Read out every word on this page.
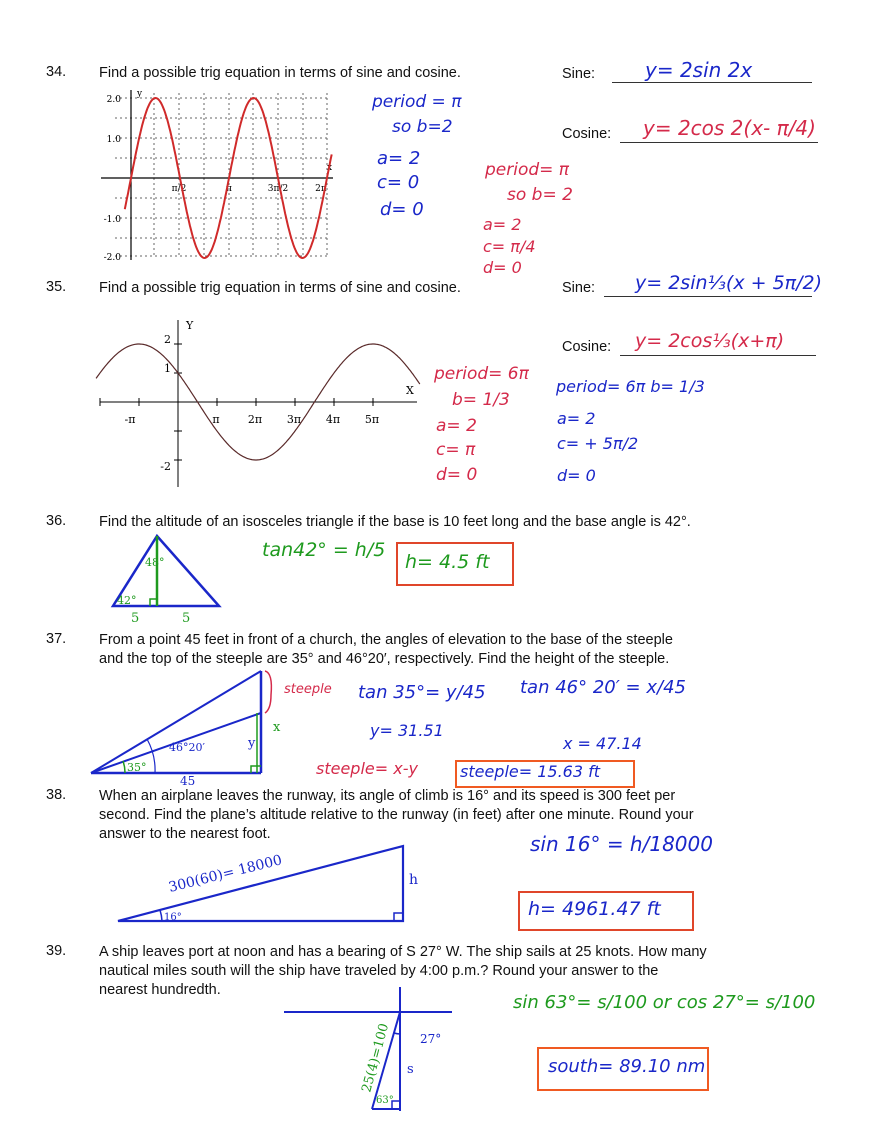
34. Find a possible trig equation in terms of sine and cosine.	Sine: y= 2sin 2x
Cosine: y= 2cos 2(x- π/4)
2.0
1.0
-1.0
-2.0
π/2	π	3π/2	2π
x
y	period = π
so b=2
a= 2
c= 0
d= 0
period= π
so b= 2
a= 2
c= π/4
d= 0
35. Find a possible trig equation in terms of sine and cosine.	Sine: y= 2sin⅓(x + 5π/2)
Cosine: y= 2cos⅓(x+π)
-π	π	2π 3π 4π 5π
2
1
-2
Y
X
period= 6π
b= 1/3
a= 2
c= π
d= 0
period= 6π b= 1/3
a= 2
c= + 5π/2
d= 0
36. Find the altitude of an isosceles triangle if the base is 10 feet long and the base angle is 42°.
48°
42°
5	5
tan42° = h/5
h= 4.5 ft
37. From a point 45 feet in front of a church, the angles of elevation to the base of the steeple
and the top of the steeple are 35° and 46°20′, respectively. Find the height of the steeple.
35°
46°20′
45
y
x
steeple tan 35°= y/45
y= 31.51
tan 46° 20′ = x/45
x = 47.14
steeple= x-y	steeple= 15.63 ft
38. When an airplane leaves the runway, its angle of climb is 16° and its speed is 300 feet per
second. Find the plane’s altitude relative to the runway (in feet) after one minute. Round your
answer to the nearest foot.
300(60)= 18000	h
16°
sin 16° = h/18000
h= 4961.47 ft
39. A ship leaves port at noon and has a bearing of S 27° W. The ship sails at 25 knots. How many
nautical miles south will the ship have traveled by 4:00 p.m.? Round your answer to the
nearest hundredth.
25(4)=100 27°
s
63°
sin 63°= s/100 or cos 27°= s/100
south= 89.10 nm
